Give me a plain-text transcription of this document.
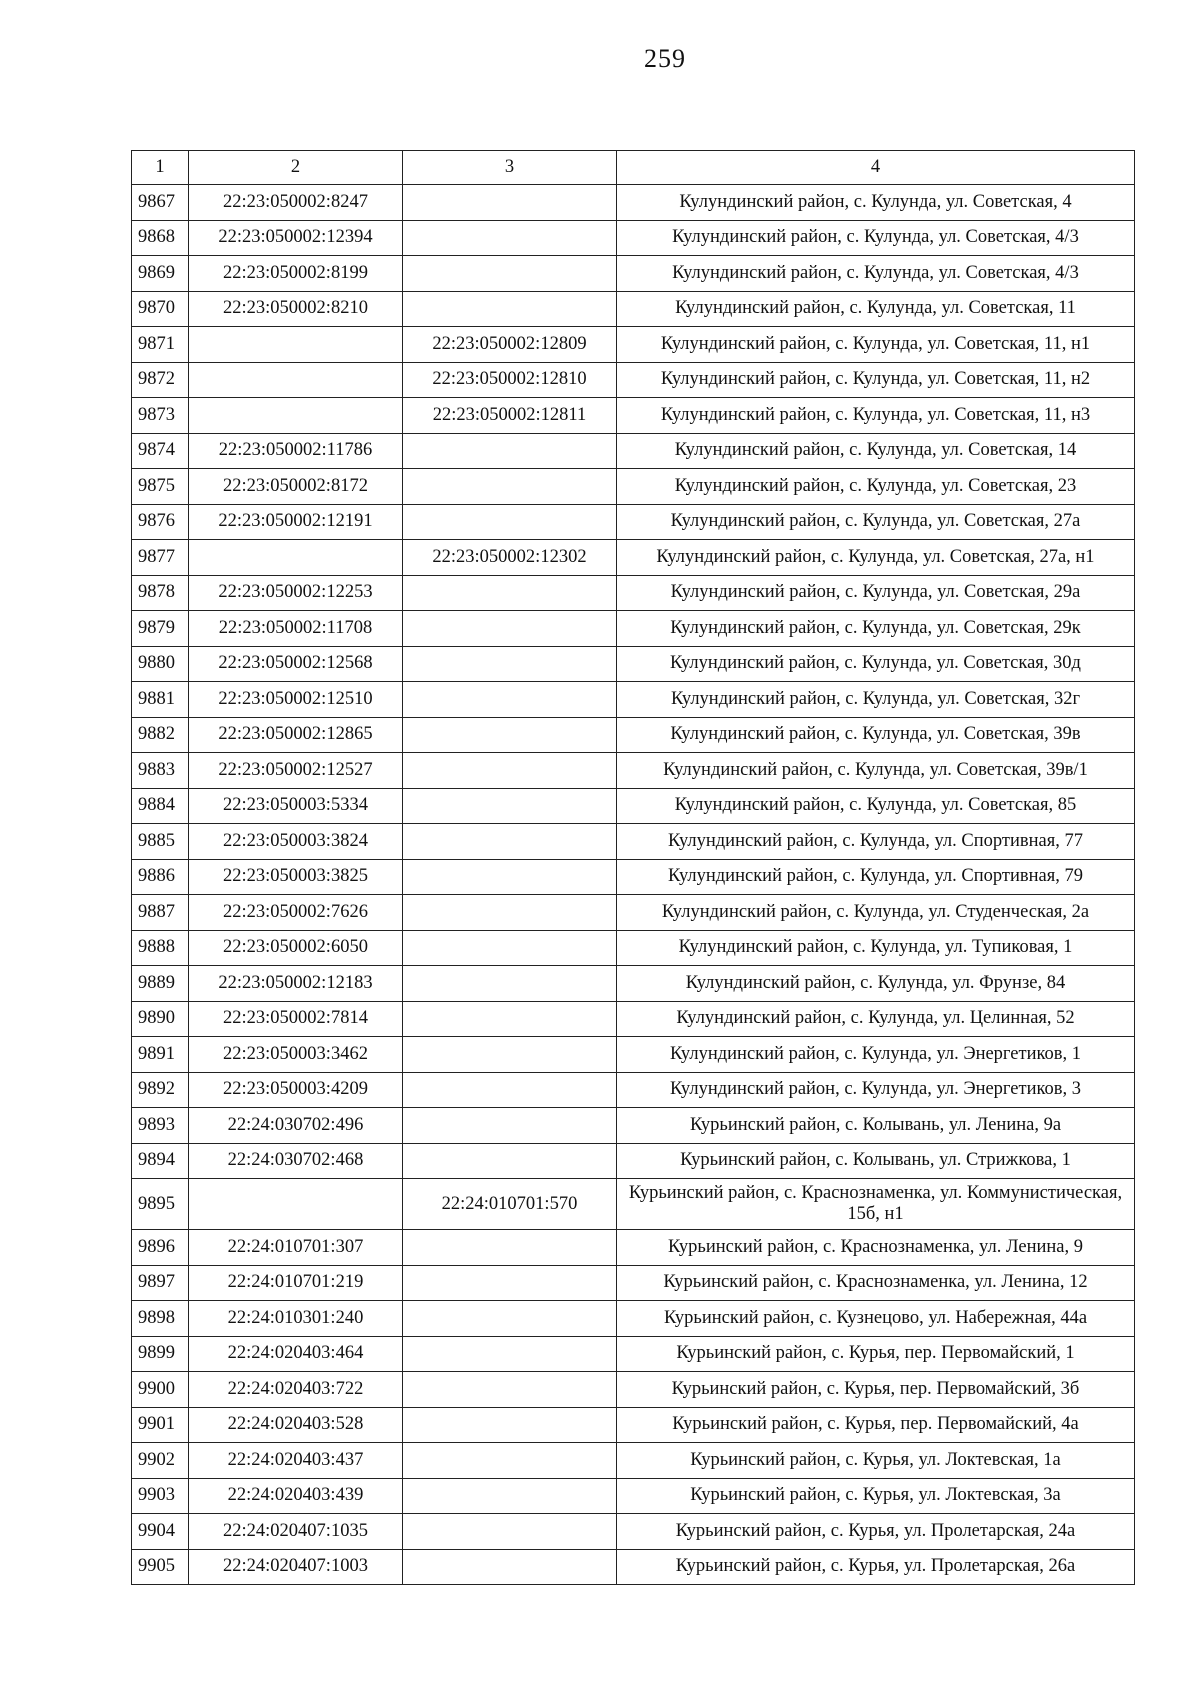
259
1	2	3	4
9867	22:23:050002:8247		Кулундинский район, с. Кулунда, ул. Советская, 4
9868	22:23:050002:12394		Кулундинский район, с. Кулунда, ул. Советская, 4/3
9869	22:23:050002:8199		Кулундинский район, с. Кулунда, ул. Советская, 4/3
9870	22:23:050002:8210		Кулундинский район, с. Кулунда, ул. Советская, 11
9871		22:23:050002:12809	Кулундинский район, с. Кулунда, ул. Советская, 11, н1
9872		22:23:050002:12810	Кулундинский район, с. Кулунда, ул. Советская, 11, н2
9873		22:23:050002:12811	Кулундинский район, с. Кулунда, ул. Советская, 11, н3
9874	22:23:050002:11786		Кулундинский район, с. Кулунда, ул. Советская, 14
9875	22:23:050002:8172		Кулундинский район, с. Кулунда, ул. Советская, 23
9876	22:23:050002:12191		Кулундинский район, с. Кулунда, ул. Советская, 27а
9877		22:23:050002:12302	Кулундинский район, с. Кулунда, ул. Советская, 27а, н1
9878	22:23:050002:12253		Кулундинский район, с. Кулунда, ул. Советская, 29а
9879	22:23:050002:11708		Кулундинский район, с. Кулунда, ул. Советская, 29к
9880	22:23:050002:12568		Кулундинский район, с. Кулунда, ул. Советская, 30д
9881	22:23:050002:12510		Кулундинский район, с. Кулунда, ул. Советская, 32г
9882	22:23:050002:12865		Кулундинский район, с. Кулунда, ул. Советская, 39в
9883	22:23:050002:12527		Кулундинский район, с. Кулунда, ул. Советская, 39в/1
9884	22:23:050003:5334		Кулундинский район, с. Кулунда, ул. Советская, 85
9885	22:23:050003:3824		Кулундинский район, с. Кулунда, ул. Спортивная, 77
9886	22:23:050003:3825		Кулундинский район, с. Кулунда, ул. Спортивная, 79
9887	22:23:050002:7626		Кулундинский район, с. Кулунда, ул. Студенческая, 2а
9888	22:23:050002:6050		Кулундинский район, с. Кулунда, ул. Тупиковая, 1
9889	22:23:050002:12183		Кулундинский район, с. Кулунда, ул. Фрунзе, 84
9890	22:23:050002:7814		Кулундинский район, с. Кулунда, ул. Целинная, 52
9891	22:23:050003:3462		Кулундинский район, с. Кулунда, ул. Энергетиков, 1
9892	22:23:050003:4209		Кулундинский район, с. Кулунда, ул. Энергетиков, 3
9893	22:24:030702:496		Курьинский район, с. Колывань, ул. Ленина, 9а
9894	22:24:030702:468		Курьинский район, с. Колывань, ул. Стрижкова, 1
9895		22:24:010701:570	Курьинский район, с. Краснознаменка, ул. Коммунистическая, 15б, н1
9896	22:24:010701:307		Курьинский район, с. Краснознаменка, ул. Ленина, 9
9897	22:24:010701:219		Курьинский район, с. Краснознаменка, ул. Ленина, 12
9898	22:24:010301:240		Курьинский район, с. Кузнецово, ул. Набережная, 44а
9899	22:24:020403:464		Курьинский район, с. Курья, пер. Первомайский, 1
9900	22:24:020403:722		Курьинский район, с. Курья, пер. Первомайский, 3б
9901	22:24:020403:528		Курьинский район, с. Курья, пер. Первомайский, 4а
9902	22:24:020403:437		Курьинский район, с. Курья, ул. Локтевская, 1а
9903	22:24:020403:439		Курьинский район, с. Курья, ул. Локтевская, 3а
9904	22:24:020407:1035		Курьинский район, с. Курья, ул. Пролетарская, 24а
9905	22:24:020407:1003		Курьинский район, с. Курья, ул. Пролетарская, 26а
